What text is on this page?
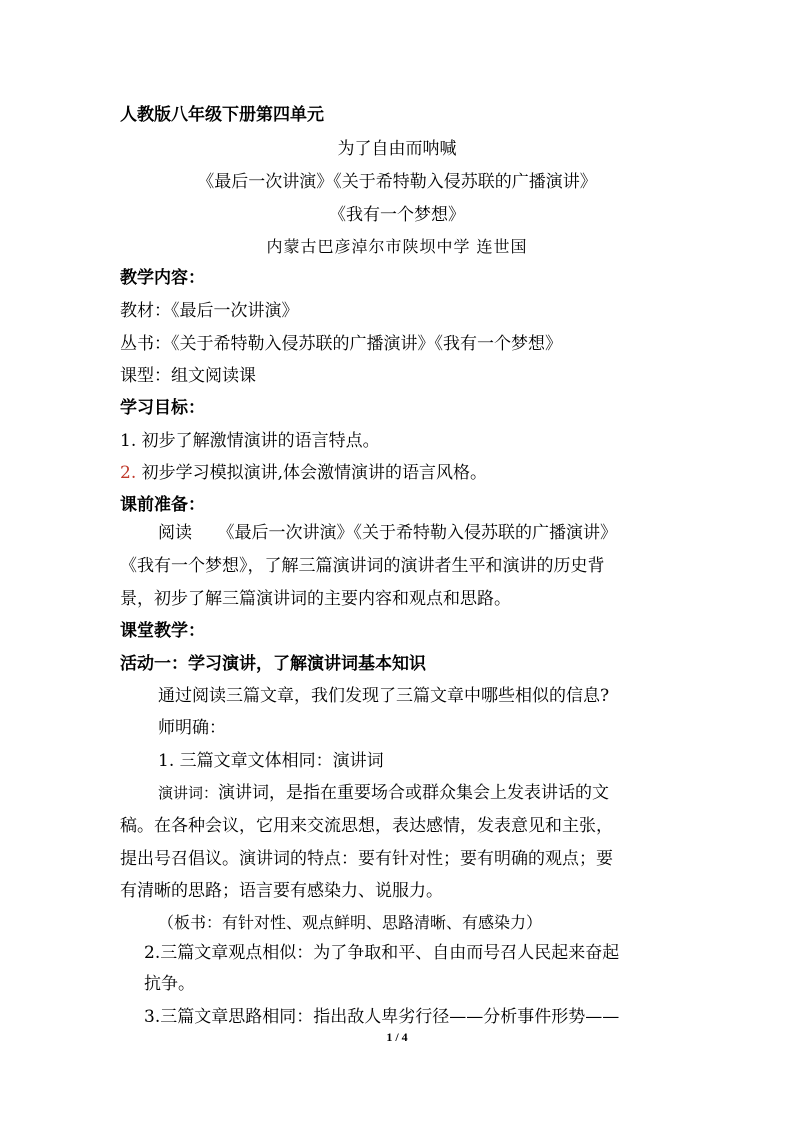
人教版八年级下册第四单元
为了自由而呐喊
《最后一次讲演》《关于希特勒入侵苏联的广播演讲》
《我有一个梦想》
内蒙古巴彦淖尔市陕坝中学 连世国
教学内容：
教材：《最后一次讲演》
丛书：《关于希特勒入侵苏联的广播演讲》《我有一个梦想》
课型：组文阅读课
学习目标：
1. 初步了解激情演讲的语言特点。
2. 初步学习模拟演讲,体会激情演讲的语言风格。
课前准备：
阅读　　《最后一次讲演》《关于希特勒入侵苏联的广播演讲》
《我有一个梦想》，了解三篇演讲词的演讲者生平和演讲的历史背
景，初步了解三篇演讲词的主要内容和观点和思路。
课堂教学：
活动一：学习演讲，了解演讲词基本知识
通过阅读三篇文章，我们发现了三篇文章中哪些相似的信息?
师明确：
1. 三篇文章文体相同：演讲词
演讲词：演讲词，是指在重要场合或群众集会上发表讲话的文
稿。在各种会议，它用来交流思想，表达感情，发表意见和主张，
提出号召倡议。演讲词的特点：要有针对性；要有明确的观点；要
有清晰的思路；语言要有感染力、说服力。
（板书：有针对性、观点鲜明、思路清晰、有感染力）
2.三篇文章观点相似：为了争取和平、自由而号召人民起来奋起
抗争。
3.三篇文章思路相同：指出敌人卑劣行径——分析事件形势——
1 / 4
